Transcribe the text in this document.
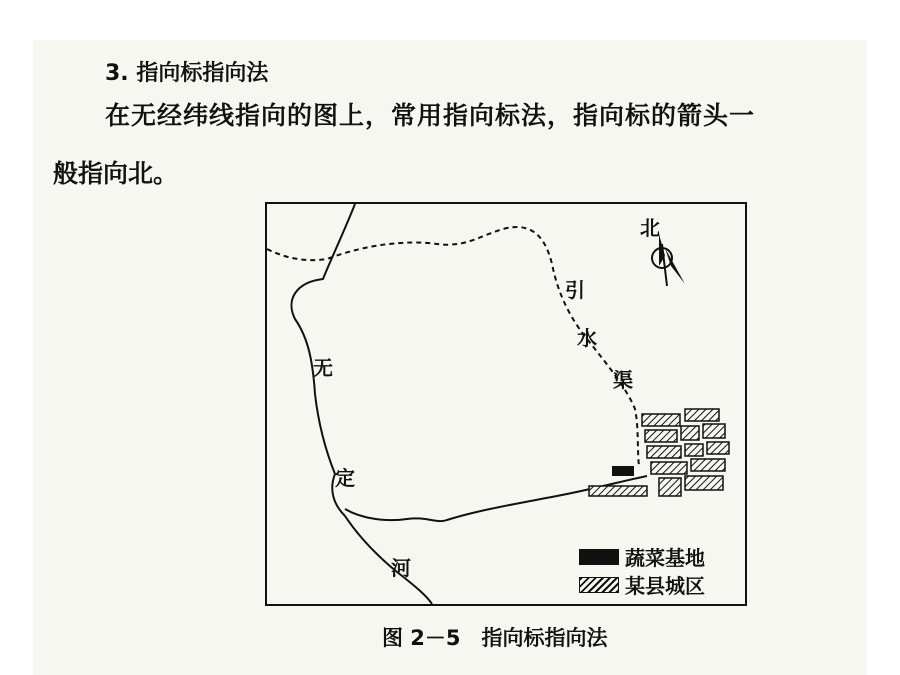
3. 指向标指向法
在无经纬线指向的图上，常用指向标法，指向标的箭头一
般指向北。
北
引
水
渠
无
定
河	蔬菜基地
某县城区
图 2－5　指向标指向法
